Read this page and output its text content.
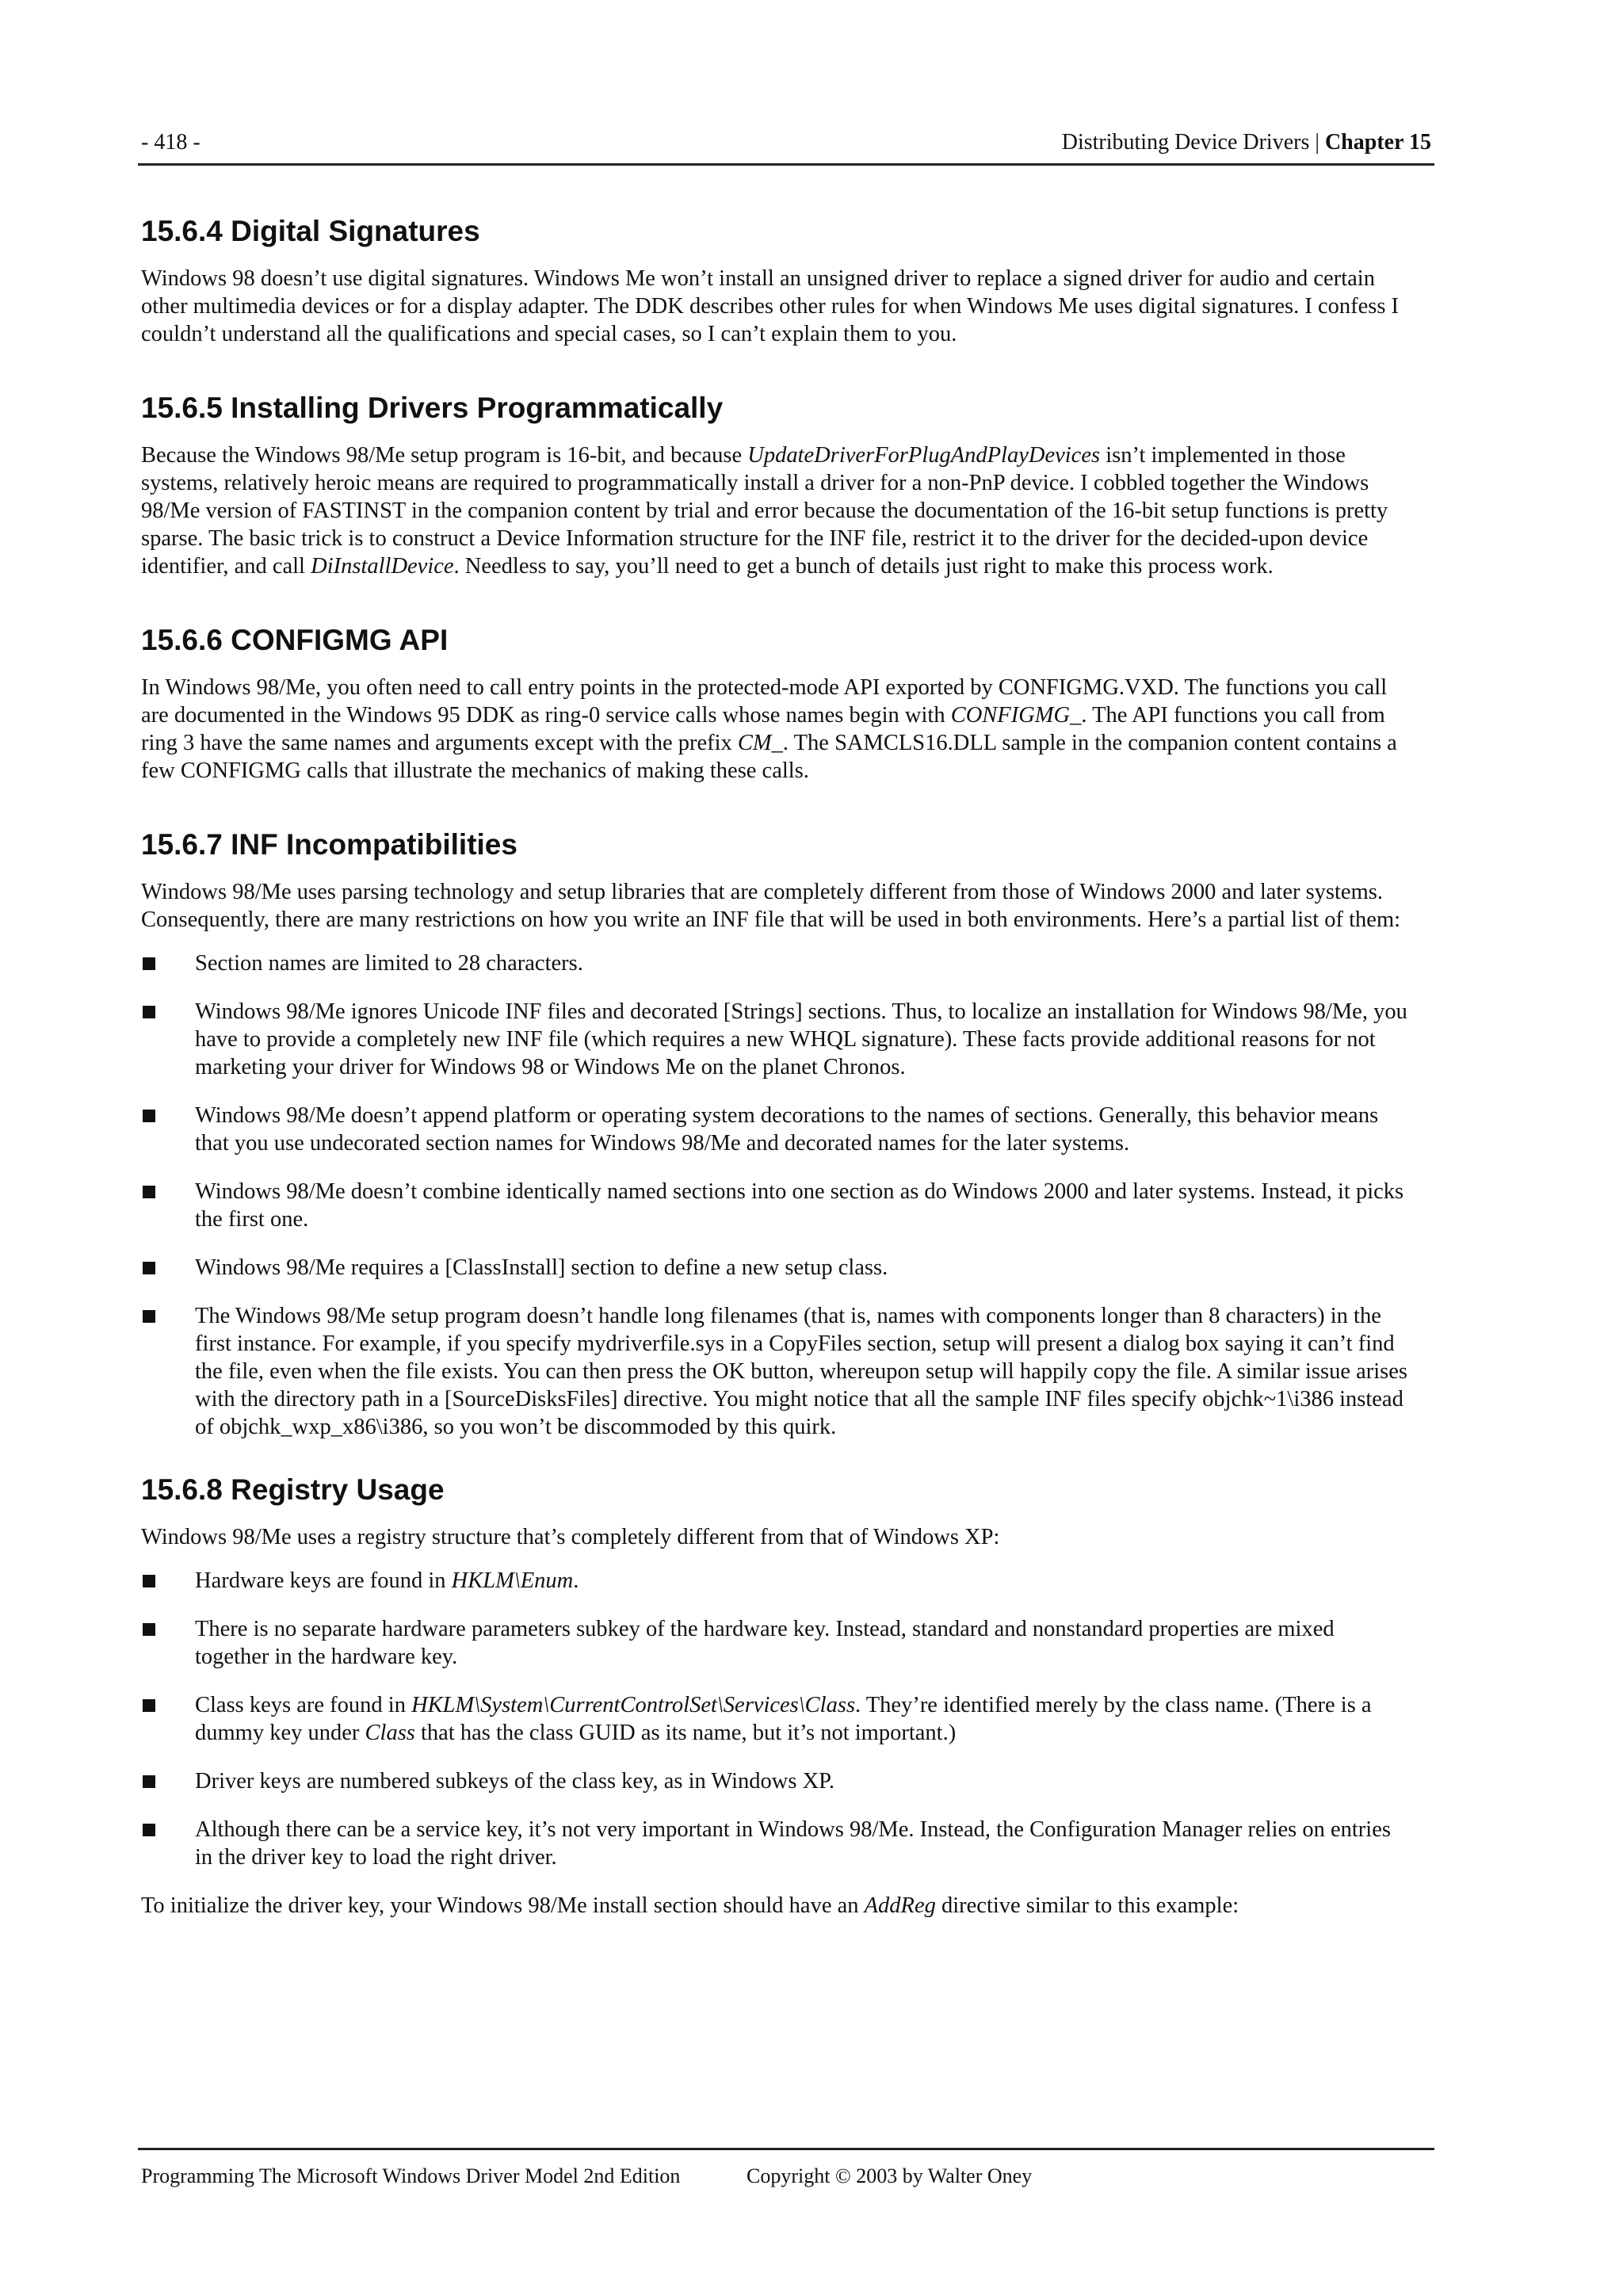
- 418 -	Distributing Device Drivers | Chapter 15
15.6.4 Digital Signatures

Windows 98 doesn’t use digital signatures. Windows Me won’t install an unsigned driver to replace a signed driver for audio and certain other multimedia devices or for a display adapter. The DDK describes other rules for when Windows Me uses digital signatures. I confess I couldn’t understand all the qualifications and special cases, so I can’t explain them to you.

15.6.5 Installing Drivers Programmatically

Because the Windows 98/Me setup program is 16-bit, and because UpdateDriverForPlugAndPlayDevices isn’t implemented in those systems, relatively heroic means are required to programmatically install a driver for a non-PnP device. I cobbled together the Windows 98/Me version of FASTINST in the companion content by trial and error because the documentation of the 16-bit setup functions is pretty sparse. The basic trick is to construct a Device Information structure for the INF file, restrict it to the driver for the decided-upon device identifier, and call DiInstallDevice. Needless to say, you’ll need to get a bunch of details just right to make this process work.

15.6.6 CONFIGMG API

In Windows 98/Me, you often need to call entry points in the protected-mode API exported by CONFIGMG.VXD. The functions you call are documented in the Windows 95 DDK as ring-0 service calls whose names begin with CONFIGMG_. The API functions you call from ring 3 have the same names and arguments except with the prefix CM_. The SAMCLS16.DLL sample in the companion content contains a few CONFIGMG calls that illustrate the mechanics of making these calls.

15.6.7 INF Incompatibilities

Windows 98/Me uses parsing technology and setup libraries that are completely different from those of Windows 2000 and later systems. Consequently, there are many restrictions on how you write an INF file that will be used in both environments. Here’s a partial list of them:

Section names are limited to 28 characters.
Windows 98/Me ignores Unicode INF files and decorated [Strings] sections. Thus, to localize an installation for Windows 98/Me, you have to provide a completely new INF file (which requires a new WHQL signature). These facts provide additional reasons for not marketing your driver for Windows 98 or Windows Me on the planet Chronos.
Windows 98/Me doesn’t append platform or operating system decorations to the names of sections. Generally, this behavior means that you use undecorated section names for Windows 98/Me and decorated names for the later systems.
Windows 98/Me doesn’t combine identically named sections into one section as do Windows 2000 and later systems. Instead, it picks the first one.
Windows 98/Me requires a [ClassInstall] section to define a new setup class.
The Windows 98/Me setup program doesn’t handle long filenames (that is, names with components longer than 8 characters) in the first instance. For example, if you specify mydriverfile.sys in a CopyFiles section, setup will present a dialog box saying it can’t find the file, even when the file exists. You can then press the OK button, whereupon setup will happily copy the file. A similar issue arises with the directory path in a [SourceDisksFiles] directive. You might notice that all the sample INF files specify objchk~1\i386 instead of objchk_wxp_x86\i386, so you won’t be discommoded by this quirk.
15.6.8 Registry Usage

Windows 98/Me uses a registry structure that’s completely different from that of Windows XP:

Hardware keys are found in HKLM\Enum.
There is no separate hardware parameters subkey of the hardware key. Instead, standard and nonstandard properties are mixed together in the hardware key.
Class keys are found in HKLM\System\CurrentControlSet\Services\Class. They’re identified merely by the class name. (There is a dummy key under Class that has the class GUID as its name, but it’s not important.)
Driver keys are numbered subkeys of the class key, as in Windows XP.
Although there can be a service key, it’s not very important in Windows 98/Me. Instead, the Configuration Manager relies on entries in the driver key to load the right driver.

To initialize the driver key, your Windows 98/Me install section should have an AddReg directive similar to this example:

Programming The Microsoft Windows Driver Model 2nd Edition	Copyright © 2003 by Walter Oney
